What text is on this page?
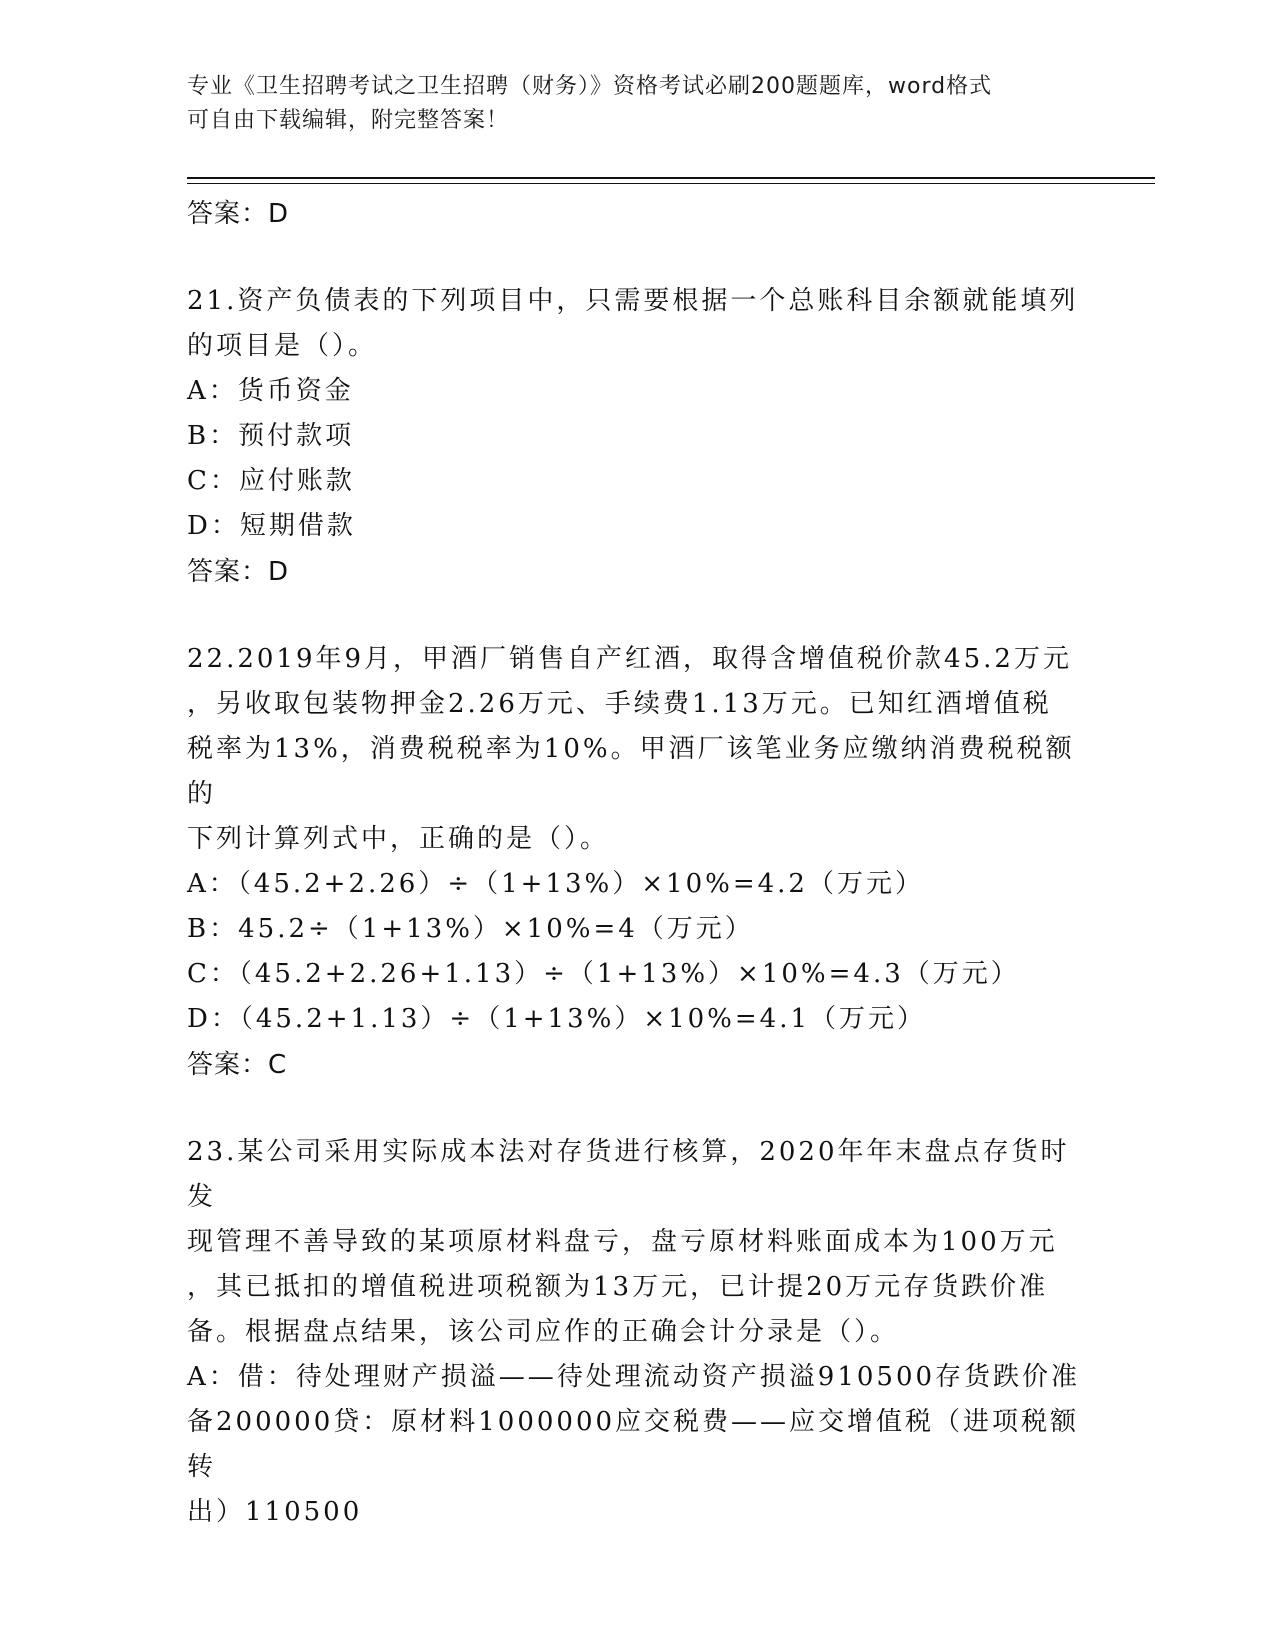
专业《卫生招聘考试之卫生招聘（财务）》资格考试必刷200题题库，word格式
可自由下载编辑，附完整答案！

答案：D

21.资产负债表的下列项目中，只需要根据一个总账科目余额就能填列

的项目是（）。

A：货币资金

B：预付款项

C：应付账款

D：短期借款

答案：D

22.2019年9月，甲酒厂销售自产红酒，取得含增值税价款45.2万元

，另收取包装物押金2.26万元、手续费1.13万元。已知红酒增值税

税率为13%，消费税税率为10%。甲酒厂该笔业务应缴纳消费税税额的

下列计算列式中，正确的是（）。

A：（45.2+2.26）÷（1+13%）×10%=4.2（万元）

B：45.2÷（1+13%）×10%=4（万元）

C：（45.2+2.26+1.13）÷（1+13%）×10%=4.3（万元）

D：（45.2+1.13）÷（1+13%）×10%=4.1（万元）

答案：C

23.某公司采用实际成本法对存货进行核算，2020年年末盘点存货时发

现管理不善导致的某项原材料盘亏，盘亏原材料账面成本为100万元

，其已抵扣的增值税进项税额为13万元，已计提20万元存货跌价准

备。根据盘点结果，该公司应作的正确会计分录是（）。

A：借：待处理财产损溢——待处理流动资产损溢910500存货跌价准

备200000贷：原材料1000000应交税费——应交增值税（进项税额转

出）110500
